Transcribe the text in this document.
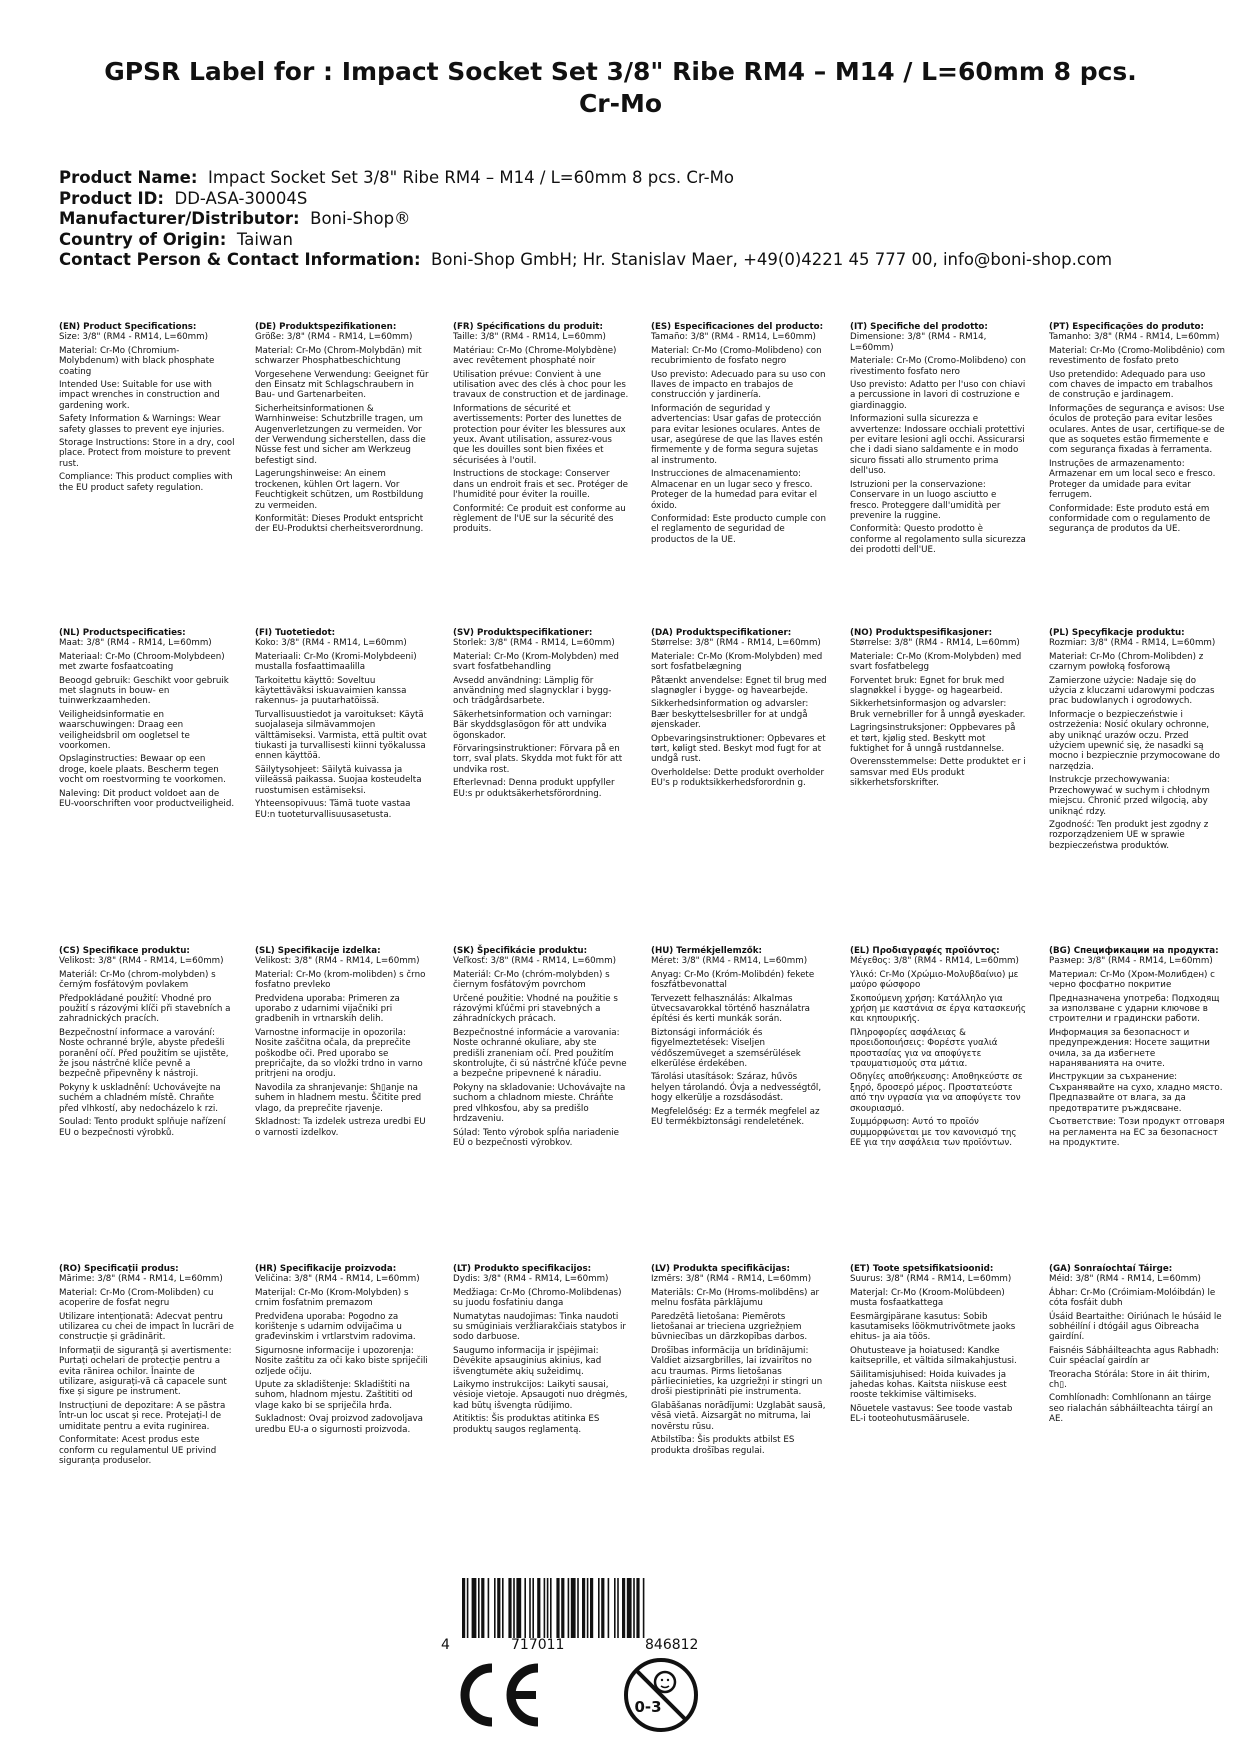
GPSR Label for : Impact Socket Set 3/8" Ribe RM4 – M14 / L=60mm 8 pcs. Cr-Mo
Product Name: Impact Socket Set 3/8" Ribe RM4 – M14 / L=60mm 8 pcs. Cr-Mo
Product ID: DD-ASA-30004S
Manufacturer/Distributor: Boni-Shop®
Country of Origin: Taiwan
Contact Person & Contact Information: Boni-Shop GmbH; Hr. Stanislav Maer, +49(0)4221 45 777 00, info@boni-shop.com
(EN) Product Specifications:
Size: 3/8" (RM4 - RM14, L=60mm)
Material: Cr-Mo (Chromium-Molybdenum) with black phosphate coating
Intended Use: Suitable for use with impact wrenches in construction and gardening work.
Safety Information & Warnings: Wear safety glasses to prevent eye injuries.
Storage Instructions: Store in a dry, cool place. Protect from moisture to prevent rust.
Compliance: This product complies with the EU product safety regulation.
(DE) Produktspezifikationen:
Größe: 3/8" (RM4 - RM14, L=60mm)
Material: Cr-Mo (Chrom-Molybdän) mit schwarzer Phosphatbeschichtung
Vorgesehene Verwendung: Geeignet für den Einsatz mit Schlagschraubern in Bau- und Gartenarbeiten.
Sicherheitsinformationen & Warnhinweise: Schutzbrille tragen, um Augenverletzungen zu vermeiden. Vor der Verwendung sicherstellen, dass die Nüsse fest und sicher am Werkzeug befestigt sind.
Lagerungshinweise: An einem trockenen, kühlen Ort lagern. Vor Feuchtigkeit schützen, um Rostbildung zu vermeiden.
Konformität: Dieses Produkt entspricht der EU-Produktsi cherheitsverordnung.
(FR) Spécifications du produit:
Taille: 3/8" (RM4 - RM14, L=60mm)
Matériau: Cr-Mo (Chrome-Molybdène) avec revêtement phosphaté noir
Utilisation prévue: Convient à une utilisation avec des clés à choc pour les travaux de construction et de jardinage.
Informations de sécurité et avertissements: Porter des lunettes de protection pour éviter les blessures aux yeux. Avant utilisation, assurez-vous que les douilles sont bien fixées et sécurisées à l'outil.
Instructions de stockage: Conserver dans un endroit frais et sec. Protéger de l'humidité pour éviter la rouille.
Conformité: Ce produit est conforme au règlement de l'UE sur la sécurité des produits.
(ES) Especificaciones del producto:
Tamaño: 3/8" (RM4 - RM14, L=60mm)
Material: Cr-Mo (Cromo-Molibdeno) con recubrimiento de fosfato negro
Uso previsto: Adecuado para su uso con llaves de impacto en trabajos de construcción y jardinería.
Información de seguridad y advertencias: Usar gafas de protección para evitar lesiones oculares. Antes de usar, asegúrese de que las llaves estén firmemente y de forma segura sujetas al instrumento.
Instrucciones de almacenamiento: Almacenar en un lugar seco y fresco. Proteger de la humedad para evitar el óxido.
Conformidad: Este producto cumple con el reglamento de seguridad de productos de la UE.
(IT) Specifiche del prodotto:
Dimensione: 3/8" (RM4 - RM14, L=60mm)
Materiale: Cr-Mo (Cromo-Molibdeno) con rivestimento fosfato nero
Uso previsto: Adatto per l'uso con chiavi a percussione in lavori di costruzione e giardinaggio.
Informazioni sulla sicurezza e avvertenze: Indossare occhiali protettivi per evitare lesioni agli occhi. Assicurarsi che i dadi siano saldamente e in modo sicuro fissati allo strumento prima dell'uso.
Istruzioni per la conservazione: Conservare in un luogo asciutto e fresco. Proteggere dall'umidità per prevenire la ruggine.
Conformità: Questo prodotto è conforme al regolamento sulla sicurezza dei prodotti dell'UE.
(PT) Especificações do produto:
Tamanho: 3/8" (RM4 - RM14, L=60mm)
Material: Cr-Mo (Cromo-Molibdênio) com revestimento de fosfato preto
Uso pretendido: Adequado para uso com chaves de impacto em trabalhos de construção e jardinagem.
Informações de segurança e avisos: Use óculos de proteção para evitar lesões oculares. Antes de usar, certifique-se de que as soquetes estão firmemente e com segurança fixadas à ferramenta.
Instruções de armazenamento: Armazenar em um local seco e fresco. Proteger da umidade para evitar ferrugem.
Conformidade: Este produto está em conformidade com o regulamento de segurança de produtos da UE.
(NL) Productspecificaties:
Maat: 3/8" (RM4 - RM14, L=60mm)
Materiaal: Cr-Mo (Chroom-Molybdeen) met zwarte fosfaatcoating
Beoogd gebruik: Geschikt voor gebruik met slagnuts in bouw- en tuinwerkzaamheden.
Veiligheidsinformatie en waarschuwingen: Draag een veiligheidsbril om oogletsel te voorkomen.
Opslaginstructies: Bewaar op een droge, koele plaats. Bescherm tegen vocht om roestvorming te voorkomen.
Naleving: Dit product voldoet aan de EU-voorschriften voor productveiligheid.
(FI) Tuotetiedot:
Koko: 3/8" (RM4 - RM14, L=60mm)
Materiaali: Cr-Mo (Kromi-Molybdeeni) mustalla fosfaattimaalilla
Tarkoitettu käyttö: Soveltuu käytettäväksi iskuavaimien kanssa rakennus- ja puutarhatöissä.
Turvallisuustiedot ja varoitukset: Käytä suojalaseja silmävammojen välttämiseksi. Varmista, että pultit ovat tiukasti ja turvallisesti kiinni työkalussa ennen käyttöä.
Säilytysohjeet: Säilytä kuivassa ja viileässä paikassa. Suojaa kosteudelta ruostumisen estämiseksi.
Yhteensopivuus: Tämä tuote vastaa EU:n tuoteturvallisuusasetusta.
(SV) Produktspecifikationer:
Storlek: 3/8" (RM4 - RM14, L=60mm)
Material: Cr-Mo (Krom-Molybden) med svart fosfatbehandling
Avsedd användning: Lämplig för användning med slagnycklar i bygg- och trädgårdsarbete.
Säkerhetsinformation och varningar: Bär skyddsglasögon för att undvika ögonskador.
Förvaringsinstruktioner: Förvara på en torr, sval plats. Skydda mot fukt för att undvika rost.
Efterlevnad: Denna produkt uppfyller EU:s pr oduktsäkerhetsförordning.
(DA) Produktspecifikationer:
Størrelse: 3/8" (RM4 - RM14, L=60mm)
Materiale: Cr-Mo (Krom-Molybden) med sort fosfatbelægning
Påtænkt anvendelse: Egnet til brug med slagnøgler i bygge- og havearbejde.
Sikkerhedsinformation og advarsler: Bær beskyttelsesbriller for at undgå øjenskader.
Opbevaringsinstruktioner: Opbevares et tørt, køligt sted. Beskyt mod fugt for at undgå rust.
Overholdelse: Dette produkt overholder EU's p roduktsikkerhedsforordnin g.
(NO) Produktspesifikasjoner:
Størrelse: 3/8" (RM4 - RM14, L=60mm)
Materiale: Cr-Mo (Krom-Molybden) med svart fosfatbelegg
Forventet bruk: Egnet for bruk med slagnøkkel i bygge- og hagearbeid.
Sikkerhetsinformasjon og advarsler: Bruk vernebriller for å unngå øyeskader.
Lagringsinstruksjoner: Oppbevares på et tørt, kjølig sted. Beskytt mot fuktighet for å unngå rustdannelse.
Overensstemmelse: Dette produktet er i samsvar med EUs produkt sikkerhetsforskrifter.
(PL) Specyfikacje produktu:
Rozmiar: 3/8" (RM4 - RM14, L=60mm)
Materiał: Cr-Mo (Chrom-Molibden) z czarnym powłoką fosforową
Zamierzone użycie: Nadaje się do użycia z kluczami udarowymi podczas prac budowlanych i ogrodowych.
Informacje o bezpieczeństwie i ostrzeżenia: Nosić okulary ochronne, aby uniknąć urazów oczu. Przed użyciem upewnić się, że nasadki są mocno i bezpiecznie przymocowane do narzędzia.
Instrukcje przechowywania: Przechowywać w suchym i chłodnym miejscu. Chronić przed wilgocią, aby uniknąć rdzy.
Zgodność: Ten produkt jest zgodny z rozporządzeniem UE w sprawie bezpieczeństwa produktów.
(CS) Specifikace produktu:
Velikost: 3/8" (RM4 - RM14, L=60mm)
Materiál: Cr-Mo (chrom-molybden) s černým fosfátovým povlakem
Předpokládané použití: Vhodné pro použití s rázovými klíči při stavebních a zahradnických pracích.
Bezpečnostní informace a varování: Noste ochranné brýle, abyste předešli poranění očí. Před použitím se ujistěte, že jsou nástrčné klíče pevně a bezpečně připevněny k nástroji.
Pokyny k uskladnění: Uchovávejte na suchém a chladném místě. Chraňte před vlhkostí, aby nedocházelo k rzi.
Soulad: Tento produkt splňuje nařízení EU o bezpečnosti výrobků.
(SL) Specifikacije izdelka:
Velikost: 3/8" (RM4 - RM14, L=60mm)
Material: Cr-Mo (krom-molibden) s črno fosfatno prevleko
Predvidena uporaba: Primeren za uporabo z udarnimi vijačniki pri gradbenih in vrtnarskih delih.
Varnostne informacije in opozorila: Nosite zaščitna očala, da preprečite poškodbe oči. Pred uporabo se prepričajte, da so vložki trdno in varno pritrjeni na orodju.
Navodila za shranjevanje: Sh▯anje na suhem in hladnem mestu. Ščitite pred vlago, da preprečite rjavenje.
Skladnost: Ta izdelek ustreza uredbi EU o varnosti izdelkov.
(SK) Špecifikácie produktu:
Veľkosť: 3/8" (RM4 - RM14, L=60mm)
Materiál: Cr-Mo (chróm-molybden) s čiernym fosfátovým povrchom
Určené použitie: Vhodné na použitie s rázovými kľúčmi pri stavebných a záhradníckych prácach.
Bezpečnostné informácie a varovania: Noste ochranné okuliare, aby ste predišli zraneniam očí. Pred použitím skontrolujte, či sú nástrčné kľúče pevne a bezpečne pripevnené k náradiu.
Pokyny na skladovanie: Uchovávajte na suchom a chladnom mieste. Chráňte pred vlhkosťou, aby sa predišlo hrdzaveniu.
Súlad: Tento výrobok spĺňa nariadenie EÚ o bezpečnosti výrobkov.
(HU) Termékjellemzők:
Méret: 3/8" (RM4 - RM14, L=60mm)
Anyag: Cr-Mo (Króm-Molibdén) fekete foszfátbevonattal
Tervezett felhasználás: Alkalmas ütvecsavarokkal történő használatra építési és kerti munkák során.
Biztonsági információk és figyelmeztetések: Viseljen védőszemüveget a szemsérülések elkerülése érdekében.
Tárolási utasítások: Száraz, hűvös helyen tárolandó. Óvja a nedvességtől, hogy elkerülje a rozsdásodást.
Megfelelőség: Ez a termék megfelel az EU termékbiztonsági rendeletének.
(EL) Προδιαγραφές προϊόντος:
Μέγεθος: 3/8" (RM4 - RM14, L=60mm)
Υλικό: Cr-Mo (Χρώμιο-Μολυβδαίνιο) με μαύρο φώσφορο
Σκοπούμενη χρήση: Κατάλληλο για χρήση με καστάνια σε έργα κατασκευής και κηπουρικής.
Πληροφορίες ασφάλειας & προειδοποιήσεις: Φορέστε γυαλιά προστασίας για να αποφύγετε τραυματισμούς στα μάτια.
Οδηγίες αποθήκευσης: Αποθηκεύστε σε ξηρό, δροσερό μέρος. Προστατεύστε από την υγρασία για να αποφύγετε τον σκουριασμό.
Συμμόρφωση: Αυτό το προϊόν συμμορφώνεται με τον κανονισμό της ΕΕ για την ασφάλεια των προϊόντων.
(BG) Спецификации на продукта:
Размер: 3/8" (RM4 - RM14, L=60mm)
Материал: Cr-Mo (Хром-Молибден) с черно фосфатно покритие
Предназначена употреба: Подходящ за използване с ударни ключове в строителни и градински работи.
Информация за безопасност и предупреждения: Носете защитни очила, за да избегнете нараняванията на очите.
Инструкции за съхранение: Съхранявайте на сухо, хладно място. Предпазвайте от влага, за да предотвратите ръждясване.
Съответствие: Този продукт отговаря на регламента на ЕС за безопасност на продуктите.
(RO) Specificații produs:
Mărime: 3/8" (RM4 - RM14, L=60mm)
Material: Cr-Mo (Crom-Molibden) cu acoperire de fosfat negru
Utilizare intenționată: Adecvat pentru utilizarea cu chei de impact în lucrări de construcție și grădinărit.
Informații de siguranță și avertismente: Purtați ochelari de protecție pentru a evita rănirea ochilor. Înainte de utilizare, asigurați-vă că capacele sunt fixe și sigure pe instrument.
Instrucțiuni de depozitare: A se păstra într-un loc uscat și rece. Protejați-l de umiditate pentru a evita ruginirea.
Conformitate: Acest produs este conform cu regulamentul UE privind siguranța produselor.
(HR) Specifikacije proizvoda:
Veličina: 3/8" (RM4 - RM14, L=60mm)
Materijal: Cr-Mo (Krom-Molybden) s crnim fosfatnim premazom
Predviđena uporaba: Pogodno za korištenje s udarnim odvijačima u građevinskim i vrtlarstvim radovima.
Sigurnosne informacije i upozorenja: Nosite zaštitu za oči kako biste spriječili ozljede očiju.
Upute za skladištenje: Skladištiti na suhom, hladnom mjestu. Zaštititi od vlage kako bi se spriječila hrđa.
Sukladnost: Ovaj proizvod zadovoljava uredbu EU-a o sigurnosti proizvoda.
(LT) Produkto specifikacijos:
Dydis: 3/8" (RM4 - RM14, L=60mm)
Medžiaga: Cr-Mo (Chromo-Molibdenas) su juodu fosfatiniu danga
Numatytas naudojimas: Tinka naudoti su smūginiais veržliarakčiais statybos ir sodo darbuose.
Saugumo informacija ir įspėjimai: Dėvėkite apsauginius akinius, kad išvengtumėte akių sužeidimų.
Laikymo instrukcijos: Laikyti sausai, vėsioje vietoje. Apsaugoti nuo drėgmės, kad būtų išvengta rūdijimo.
Atitiktis: Šis produktas atitinka ES produktų saugos reglamentą.
(LV) Produkta specifikācijas:
Izmērs: 3/8" (RM4 - RM14, L=60mm)
Materiāls: Cr-Mo (Hroms-molibdēns) ar melnu fosfāta pārklājumu
Paredzētā lietošana: Piemērots lietošanai ar trieciena uzgriežņiem būvniecības un dārzkopības darbos.
Drošības informācija un brīdinājumi: Valdiet aizsargbrilles, lai izvairītos no acu traumas. Pirms lietošanas pārliecinieties, ka uzgriežņi ir stingri un droši piestiprināti pie instrumenta.
Glabāšanas norādījumi: Uzglabāt sausā, vēsā vietā. Aizsargāt no mitruma, lai novērstu rūsu.
Atbilstība: Šis produkts atbilst ES produkta drošības regulai.
(ET) Toote spetsifikatsioonid:
Suurus: 3/8" (RM4 - RM14, L=60mm)
Materjal: Cr-Mo (Kroom-Molübdeen) musta fosfaatkattega
Eesmärgipärane kasutus: Sobib kasutamiseks löökmutrivõtmete jaoks ehitus- ja aia töös.
Ohutusteave ja hoiatused: Kandke kaitseprille, et vältida silmakahjustusi.
Säilitamisjuhised: Hoida kuivades ja jahedas kohas. Kaitsta niiskuse eest rooste tekkimise vältimiseks.
Nõuetele vastavus: See toode vastab EL-i tooteohutusmäärusele.
(GA) Sonraíochtaí Táirge:
Méid: 3/8" (RM4 - RM14, L=60mm)
Ábhar: Cr-Mo (Cróimiam-Molóibdán) le cóta fosfáit dubh
Úsáid Beartaithe: Oiriúnach le húsáid le sobhéilíní i dtógáil agus Oibreacha gairdíní.
Faisnéis Sábháilteachta agus Rabhadh: Cuir spéaclaí gairdín ar
Treoracha Stórála: Store in áit thirim, ch▯.
Comhlíonadh: Comhlíonann an táirge seo rialachán sábháilteachta táirgí an AE.
4	717011	846812
0-3
